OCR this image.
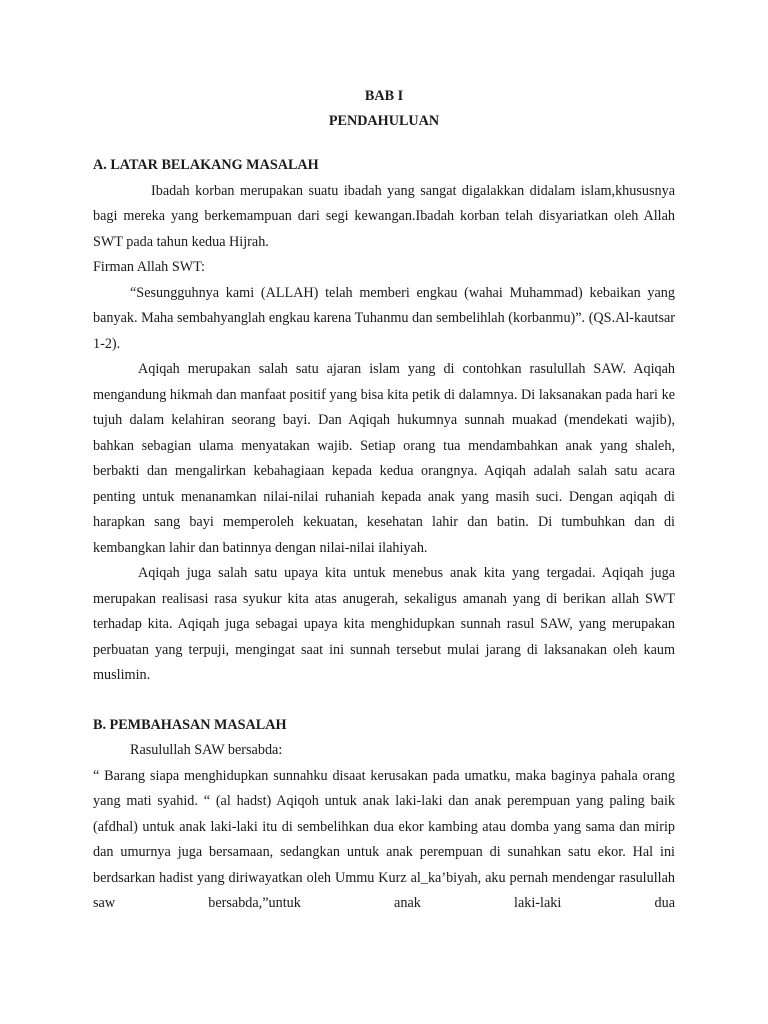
BAB I

PENDAHULUAN

A. LATAR BELAKANG MASALAH

Ibadah korban merupakan suatu ibadah yang sangat digalakkan didalam islam,khususnya bagi mereka yang berkemampuan dari segi kewangan.Ibadah korban telah disyariatkan oleh Allah SWT pada tahun kedua Hijrah.

Firman Allah SWT:

“Sesungguhnya kami (ALLAH) telah memberi engkau (wahai Muhammad) kebaikan yang banyak. Maha sembahyanglah engkau karena Tuhanmu dan sembelihlah (korbanmu)”. (QS.Al-kautsar 1-2).

Aqiqah merupakan salah satu ajaran islam yang di contohkan rasulullah SAW. Aqiqah mengandung hikmah dan manfaat positif yang bisa kita petik di dalamnya. Di laksanakan pada hari ke tujuh dalam kelahiran seorang bayi. Dan Aqiqah hukumnya sunnah muakad (mendekati wajib), bahkan sebagian ulama menyatakan wajib. Setiap orang tua mendambahkan anak yang shaleh, berbakti dan mengalirkan kebahagiaan kepada kedua orangnya. Aqiqah adalah salah satu acara penting untuk menanamkan nilai-nilai ruhaniah kepada anak yang masih suci. Dengan aqiqah di harapkan sang bayi memperoleh kekuatan, kesehatan lahir dan batin. Di tumbuhkan dan di kembangkan lahir dan batinnya dengan nilai-nilai ilahiyah.

Aqiqah juga salah satu upaya kita untuk menebus anak kita yang tergadai. Aqiqah juga merupakan realisasi rasa syukur kita atas anugerah, sekaligus amanah yang di berikan allah SWT terhadap kita. Aqiqah juga sebagai upaya kita menghidupkan sunnah rasul SAW, yang merupakan perbuatan yang terpuji, mengingat saat ini sunnah tersebut mulai jarang di laksanakan oleh kaum muslimin.

B. PEMBAHASAN MASALAH

Rasulullah SAW bersabda:

“ Barang siapa menghidupkan sunnahku disaat kerusakan pada umatku, maka baginya pahala orang yang mati syahid. “ (al hadst) Aqiqoh untuk anak laki-laki dan anak perempuan yang paling baik (afdhal) untuk anak laki-laki itu di sembelihkan dua ekor kambing atau domba yang sama dan mirip dan umurnya juga bersamaan, sedangkan untuk anak perempuan di sunahkan satu ekor. Hal ini berdsarkan hadist yang diriwayatkan oleh Ummu Kurz al_ka’biyah, aku pernah mendengar rasulullah saw bersabda,”untuk anak laki-laki dua
